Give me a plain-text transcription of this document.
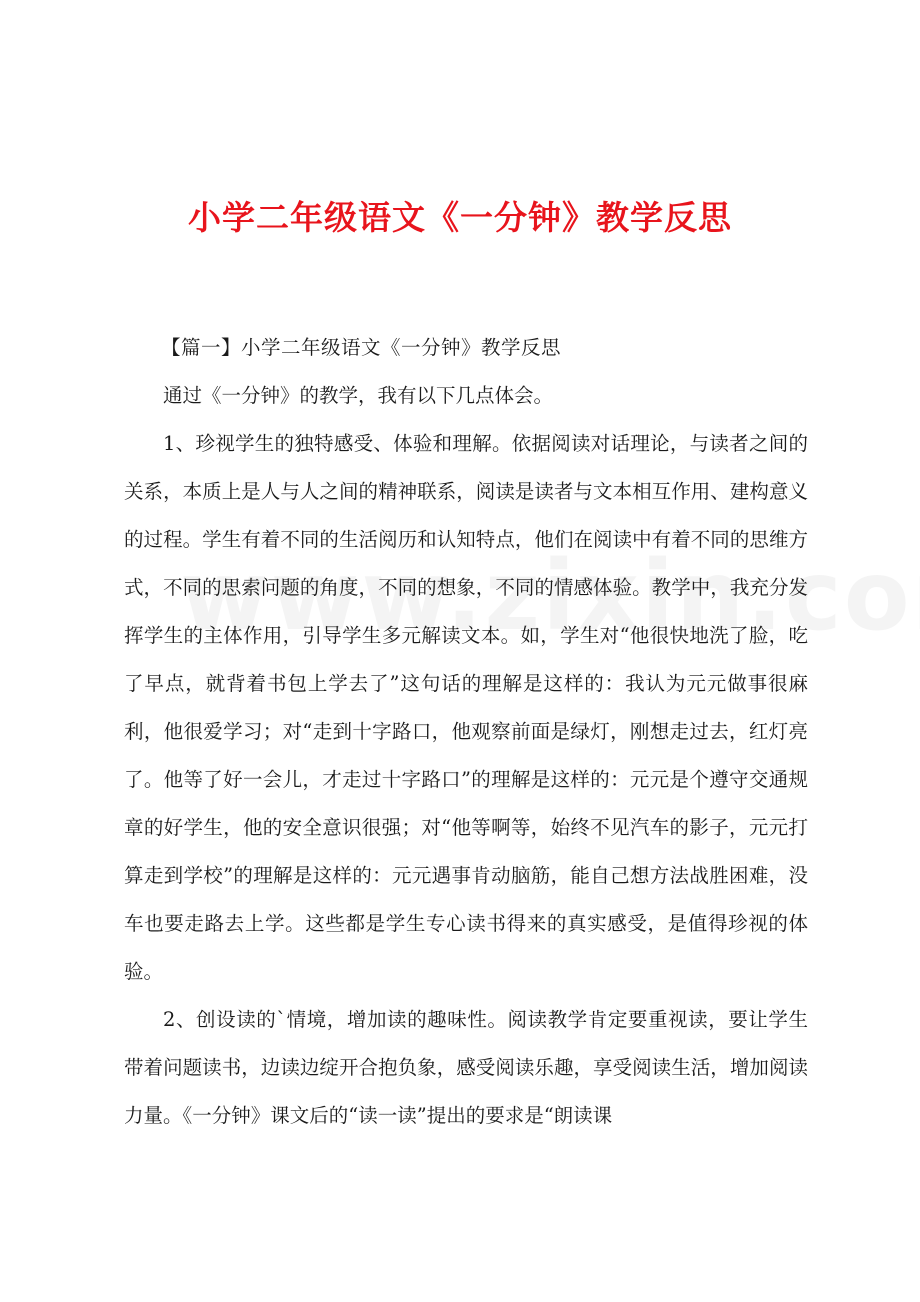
小学二年级语文《一分钟》教学反思

【篇一】小学二年级语文《一分钟》教学反思

通过《一分钟》的教学，我有以下几点体会。

1、珍视学生的独特感受、体验和理解。依据阅读对话理论，与读者之间的关系，本质上是人与人之间的精神联系，阅读是读者与文本相互作用、建构意义的过程。学生有着不同的生活阅历和认知特点，他们在阅读中有着不同的思维方式，不同的思索问题的角度，不同的想象，不同的情感体验。教学中，我充分发挥学生的主体作用，引导学生多元解读文本。如，学生对“他很快地洗了脸，吃了早点，就背着书包上学去了”这句话的理解是这样的：我认为元元做事很麻利，他很爱学习；对“走到十字路口，他观察前面是绿灯，刚想走过去，红灯亮了。他等了好一会儿，才走过十字路口”的理解是这样的：元元是个遵守交通规章的好学生，他的安全意识很强；对“他等啊等，始终不见汽车的影子，元元打算走到学校”的理解是这样的：元元遇事肯动脑筋，能自己想方法战胜困难，没车也要走路去上学。这些都是学生专心读书得来的真实感受，是值得珍视的体验。

2、创设读的`情境，增加读的趣味性。阅读教学肯定要重视读，要让学生带着问题读书，边读边绽开合抱负象，感受阅读乐趣，享受阅读生活，增加阅读力量。《一分钟》课文后的“读一读”提出的要求是“朗读课
